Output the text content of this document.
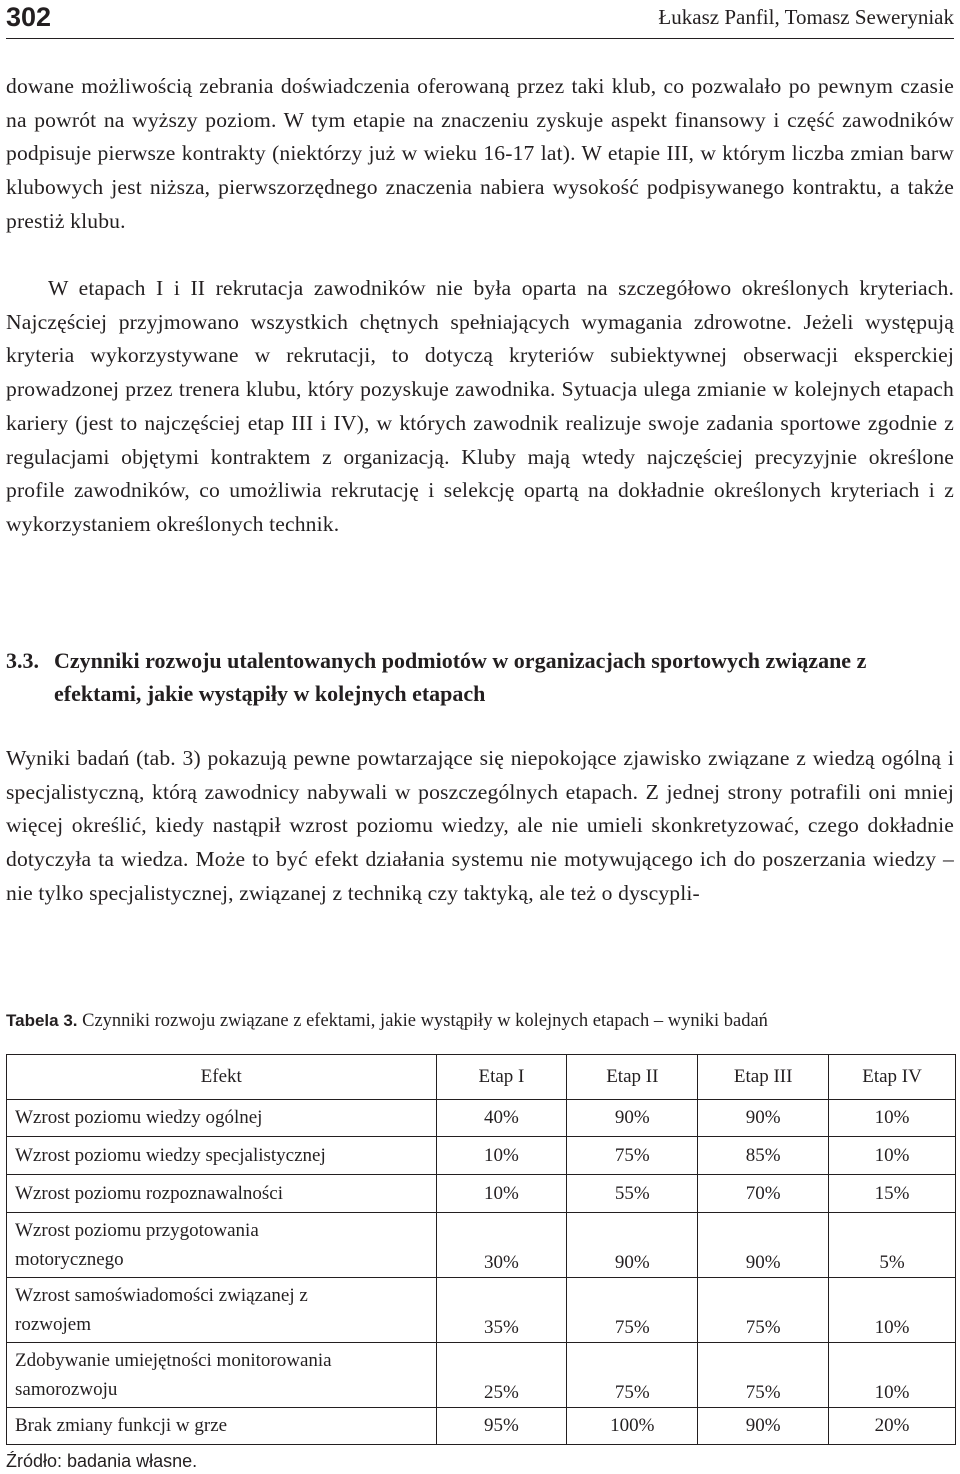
302	Łukasz Panfil, Tomasz Seweryniak

dowane możliwością zebrania doświadczenia oferowaną przez taki klub, co pozwalało po pewnym czasie na powrót na wyższy poziom. W tym etapie na znaczeniu zyskuje aspekt finansowy i część zawodników podpisuje pierwsze kontrakty (niektórzy już w wieku 16-17 lat). W etapie III, w którym liczba zmian barw klubowych jest niższa, pierwszorzędnego znaczenia nabiera wysokość podpisywanego kontraktu, a także prestiż klubu.

W etapach I i II rekrutacja zawodników nie była oparta na szczegółowo określonych kryteriach. Najczęściej przyjmowano wszystkich chętnych spełniających wymagania zdrowotne. Jeżeli występują kryteria wykorzystywane w rekrutacji, to dotyczą kryteriów subiektywnej obserwacji eksperckiej prowadzonej przez trenera klubu, który pozyskuje zawodnika. Sytuacja ulega zmianie w kolejnych etapach kariery (jest to najczęściej etap III i IV), w których zawodnik realizuje swoje zadania sportowe zgodnie z regulacjami objętymi kontraktem z organizacją. Kluby mają wtedy najczęściej precyzyjnie określone profile zawodników, co umożliwia rekrutację i selekcję opartą na dokładnie określonych kryteriach i z wykorzystaniem określonych technik.

3.3. Czynniki rozwoju utalentowanych podmiotów w organizacjach sportowych związane z efektami, jakie wystąpiły w kolejnych etapach

Wyniki badań (tab. 3) pokazują pewne powtarzające się niepokojące zjawisko związane z wiedzą ogólną i specjalistyczną, którą zawodnicy nabywali w poszczególnych etapach. Z jednej strony potrafili oni mniej więcej określić, kiedy nastąpił wzrost poziomu wiedzy, ale nie umieli skonkretyzować, czego dokładnie dotyczyła ta wiedza. Może to być efekt działania systemu nie motywującego ich do poszerzania wiedzy – nie tylko specjalistycznej, związanej z techniką czy taktyką, ale też o dyscypli-

Tabela 3. Czynniki rozwoju związane z efektami, jakie wystąpiły w kolejnych etapach – wyniki badań
Efekt	Etap I	Etap II	Etap III	Etap IV
Wzrost poziomu wiedzy ogólnej	40%	90%	90%	10%
Wzrost poziomu wiedzy specjalistycznej	10%	75%	85%	10%
Wzrost poziomu rozpoznawalności	10%	55%	70%	15%

Wzrost poziomu przygotowania
motorycznego	30%	90%	90%	5%

Wzrost samoświadomości związanej z
rozwojem	35%	75%	75%	10%

Zdobywanie umiejętności monitorowania
samorozwoju	25%	75%	75%	10%
Brak zmiany funkcji w grze	95%	100%	90%	20%
Źródło: badania własne.
